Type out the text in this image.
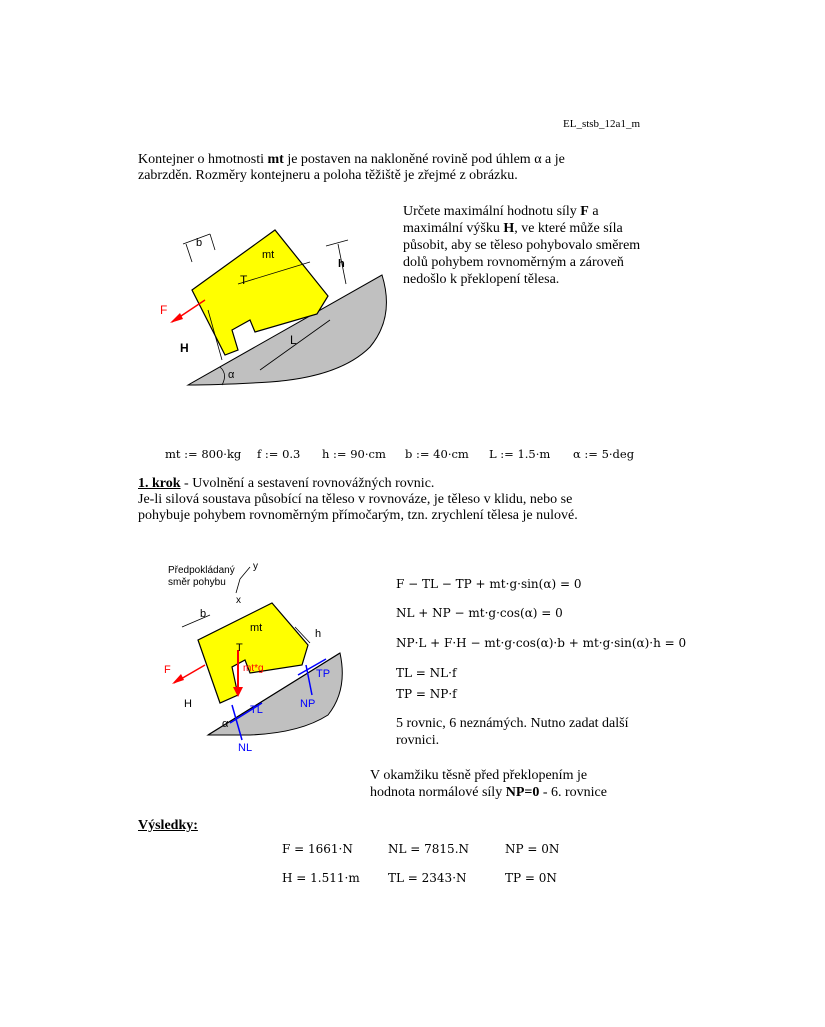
EL_stsb_12a1_m
Kontejner o hmotnosti mt je postaven na nakloněné rovině pod úhlem α a je
zabrzděn. Rozměry kontejneru a poloha těžiště je zřejmé z obrázku.
Určete maximální hodnotu síly F a
maximální výšku H, ve které může síla
působit, aby se těleso pohybovalo směrem
dolů pohybem rovnoměrným a zároveň
nedošlo k překlopení tělesa.
b
mt
T
h
F
H
L
α
mt := 800·kg f := 0.3 h := 90·cm b := 40·cm L := 1.5·m α := 5·deg
1. krok - Uvolnění a sestavení rovnovážných rovnic.
Je-li silová soustava působící na těleso v rovnováze, je těleso v klidu, nebo se
pohybuje pohybem rovnoměrným přímočarým, tzn. zrychlení tělesa je nulové.
Předpokládaný
směr pohybu
y
x
b
mt	h
T
mt*g
F
H	TL
NL
TP
NP
α
F − TL − TP + mt·g·sin(α) = 0
NL + NP − mt·g·cos(α) = 0
NP·L + F·H − mt·g·cos(α)·b + mt·g·sin(α)·h = 0
TL = NL·f
TP = NP·f
5 rovnic, 6 neznámých. Nutno zadat další
rovnici.
V okamžiku těsně před překlopením je
hodnota normálové síly NP=0 - 6. rovnice
Výsledky:
F = 1661·N	NL = 7815.N	NP = 0N
H = 1.511·m TL = 2343·N	TP = 0N
